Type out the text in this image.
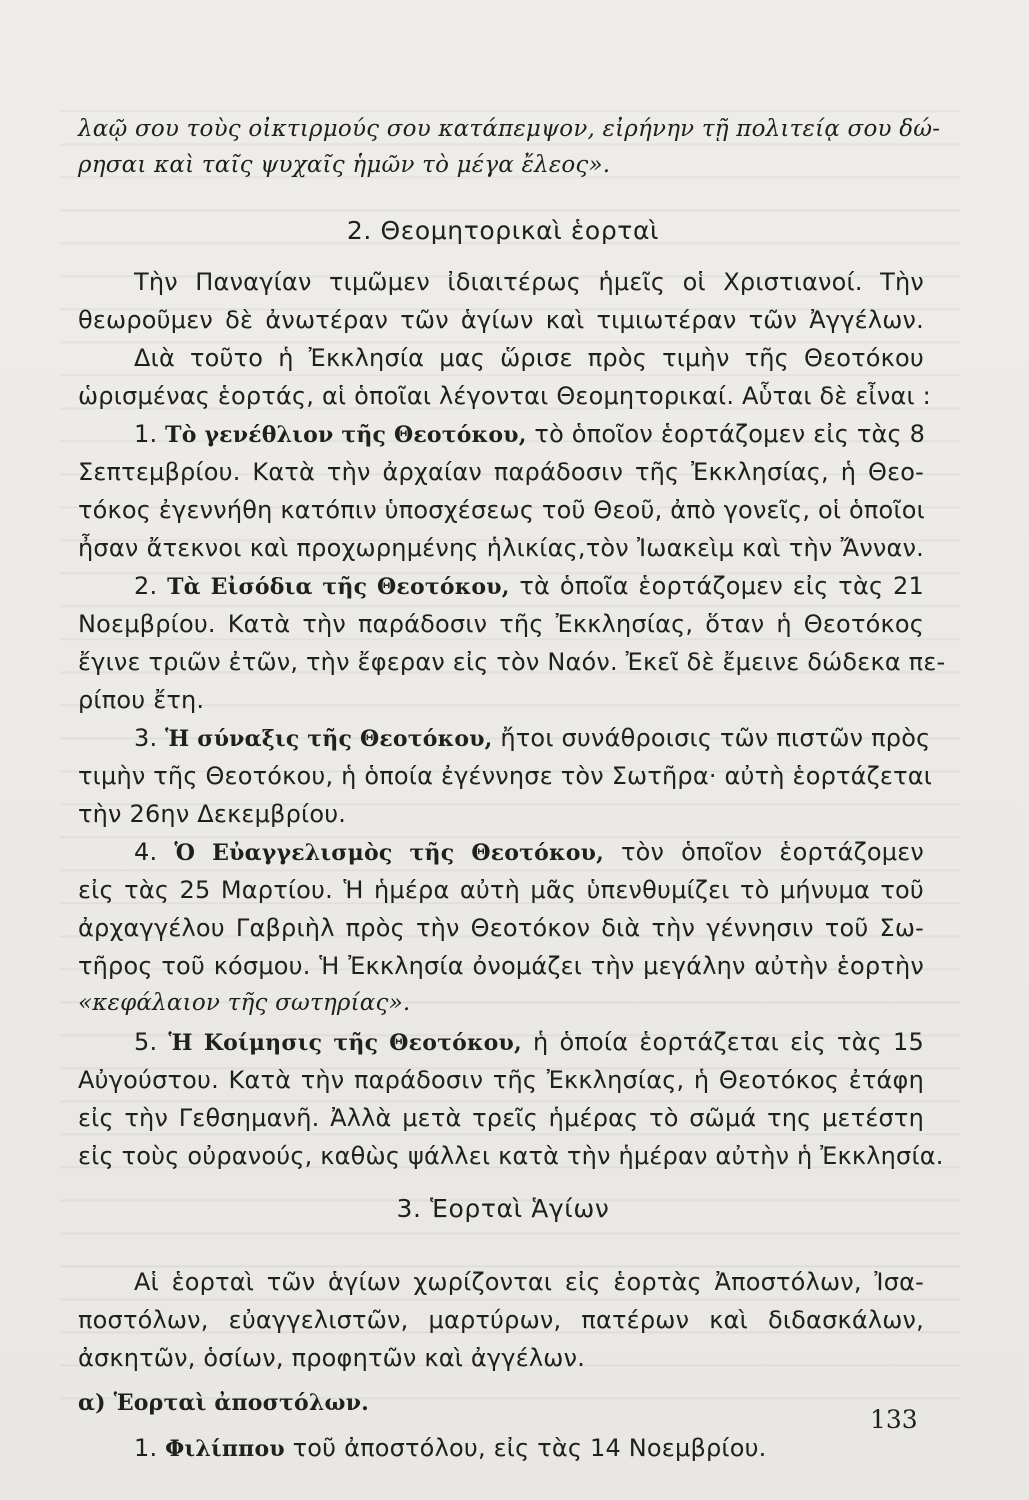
λαῷ σου τοὺς οἰκτιρμούς σου κατάπεμψον, εἰρήνην τῇ πολιτείᾳ σου δώ-
ρησαι καὶ ταῖς ψυχαῖς ἡμῶν τὸ μέγα ἔλεος».
2. Θεομητορικαὶ ἑορταὶ
Τὴν Παναγίαν τιμῶμεν ἰδιαιτέρως ἡμεῖς οἱ Χριστιανοί. Τὴν
θεωροῦμεν δὲ ἀνωτέραν τῶν ἁγίων καὶ τιμιωτέραν τῶν Ἀγγέλων.
Διὰ τοῦτο ἡ Ἐκκλησία μας ὥρισε πρὸς τιμὴν τῆς Θεοτόκου
ὡρισμένας ἑορτάς, αἱ ὁποῖαι λέγονται Θεομητορικαί. Αὗται δὲ εἶναι :
1. Τὸ γενέθλιον τῆς Θεοτόκου, τὸ ὁποῖον ἑορτάζομεν εἰς τὰς 8
Σεπτεμβρίου. Κατὰ τὴν ἀρχαίαν παράδοσιν τῆς Ἐκκλησίας, ἡ Θεο-
τόκος ἐγεννήθη κατόπιν ὑποσχέσεως τοῦ Θεοῦ, ἀπὸ γονεῖς, οἱ ὁποῖοι
ἦσαν ἄτεκνοι καὶ προχωρημένης ἡλικίας,τὸν Ἰωακεὶμ καὶ τὴν Ἄνναν.
2. Τὰ Εἰσόδια τῆς Θεοτόκου, τὰ ὁποῖα ἑορτάζομεν εἰς τὰς 21
Νοεμβρίου. Κατὰ τὴν παράδοσιν τῆς Ἐκκλησίας, ὅταν ἡ Θεοτόκος
ἔγινε τριῶν ἐτῶν, τὴν ἔφεραν εἰς τὸν Ναόν. Ἐκεῖ δὲ ἔμεινε δώδεκα πε-
ρίπου ἔτη.
3. Ἡ σύναξις τῆς Θεοτόκου, ἤτοι συνάθροισις τῶν πιστῶν πρὸς
τιμὴν τῆς Θεοτόκου, ἡ ὁποία ἐγέννησε τὸν Σωτῆρα· αὐτὴ ἑορτάζεται
τὴν 26ην Δεκεμβρίου.
4. Ὁ Εὐαγγελισμὸς τῆς Θεοτόκου, τὸν ὁποῖον ἑορτάζομεν
εἰς τὰς 25 Μαρτίου. Ἡ ἡμέρα αὐτὴ μᾶς ὑπενθυμίζει τὸ μήνυμα τοῦ
ἀρχαγγέλου Γαβριὴλ πρὸς τὴν Θεοτόκον διὰ τὴν γέννησιν τοῦ Σω-
τῆρος τοῦ κόσμου. Ἡ Ἐκκλησία ὀνομάζει τὴν μεγάλην αὐτὴν ἑορτὴν
«κεφάλαιον τῆς σωτηρίας».
5. Ἡ Κοίμησις τῆς Θεοτόκου, ἡ ὁποία ἑορτάζεται εἰς τὰς 15
Αὐγούστου. Κατὰ τὴν παράδοσιν τῆς Ἐκκλησίας, ἡ Θεοτόκος ἐτάφη
εἰς τὴν Γεθσημανῆ. Ἀλλὰ μετὰ τρεῖς ἡμέρας τὸ σῶμά της μετέστη
εἰς τοὺς οὐρανούς, καθὼς ψάλλει κατὰ τὴν ἡμέραν αὐτὴν ἡ Ἐκκλησία.
3. Ἑορταὶ Ἁγίων
Αἱ ἑορταὶ τῶν ἁγίων χωρίζονται εἰς ἑορτὰς Ἀποστόλων, Ἰσα-
ποστόλων, εὐαγγελιστῶν, μαρτύρων, πατέρων καὶ διδασκάλων,
ἀσκητῶν, ὁσίων, προφητῶν καὶ ἀγγέλων.
α) Ἑορταὶ ἀποστόλων.
1. Φιλίππου τοῦ ἀποστόλου, εἰς τὰς 14 Νοεμβρίου.
133
